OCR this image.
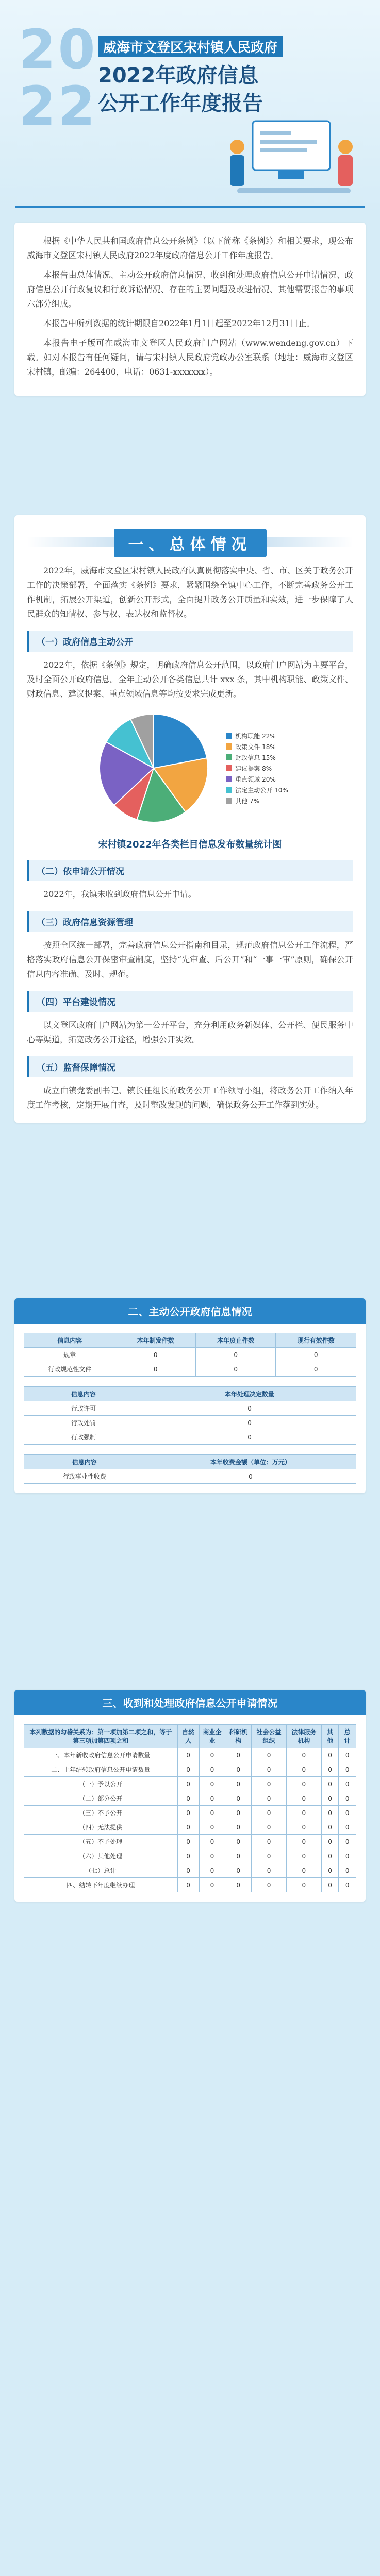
20
22
威海市文登区宋村镇人民政府
2022年政府信息
公开工作年度报告

根据《中华人民共和国政府信息公开条例》（以下简称《条例》）和相关要求，现公布威海市文登区宋村镇人民政府2022年度政府信息公开工作年度报告。

本报告由总体情况、主动公开政府信息情况、收到和处理政府信息公开申请情况、政府信息公开行政复议和行政诉讼情况、存在的主要问题及改进情况、其他需要报告的事项六部分组成。

本报告中所列数据的统计期限自2022年1月1日起至2022年12月31日止。

本报告电子版可在威海市文登区人民政府门户网站（www.wendeng.gov.cn）下载。如对本报告有任何疑问，请与宋村镇人民政府党政办公室联系（地址：威海市文登区宋村镇，邮编：264400，电话：0631-xxxxxxx）。

一、总体情况

2022年，威海市文登区宋村镇人民政府认真贯彻落实中央、省、市、区关于政务公开工作的决策部署，全面落实《条例》要求，紧紧围绕全镇中心工作，不断完善政务公开工作机制，拓展公开渠道，创新公开形式，全面提升政务公开质量和实效，进一步保障了人民群众的知情权、参与权、表达权和监督权。

（一）政府信息主动公开

2022年，依据《条例》规定，明确政府信息公开范围，以政府门户网站为主要平台，及时全面公开政府信息。全年主动公开各类信息共计 xxx 条，其中机构职能、政策文件、财政信息、建议提案、重点领域信息等均按要求完成更新。

机构职能 22%
政策文件 18%
财政信息 15%
建议提案 8%
重点领域 20%
法定主动公开 10%
其他 7%
宋村镇2022年各类栏目信息发布数量统计图
（二）依申请公开情况

2022年，我镇未收到政府信息公开申请。

（三）政府信息资源管理

按照全区统一部署，完善政府信息公开指南和目录，规范政府信息公开工作流程，严格落实政府信息公开保密审查制度，坚持“先审查、后公开”和“一事一审”原则，确保公开信息内容准确、及时、规范。

（四）平台建设情况

以文登区政府门户网站为第一公开平台，充分利用政务新媒体、公开栏、便民服务中心等渠道，拓宽政务公开途径，增强公开实效。

（五）监督保障情况

成立由镇党委副书记、镇长任组长的政务公开工作领导小组，将政务公开工作纳入年度工作考核，定期开展自查，及时整改发现的问题，确保政务公开工作落到实处。

二、主动公开政府信息情况
信息内容	本年制发件数	本年废止件数	现行有效件数
规章	0	0	0
行政规范性文件	0	0	0

信息内容	本年处理决定数量
行政许可	0
行政处罚	0
行政强制	0

信息内容	本年收费金额（单位：万元）
行政事业性收费	0
三、收到和处理政府信息公开申请情况
本列数据的勾稽关系为：第一项加第二项之和，等于第三项加第四项之和	自然人	商业企业	科研机构	社会公益组织	法律服务机构	其他	总计
一、本年新收政府信息公开申请数量	0	0	0	0	0	0	0
二、上年结转政府信息公开申请数量	0	0	0	0	0	0	0
（一）予以公开	0	0	0	0	0	0	0
（二）部分公开	0	0	0	0	0	0	0
（三）不予公开	0	0	0	0	0	0	0
（四）无法提供	0	0	0	0	0	0	0
（五）不予处理	0	0	0	0	0	0	0
（六）其他处理	0	0	0	0	0	0	0
（七）总计	0	0	0	0	0	0	0
四、结转下年度继续办理	0	0	0	0	0	0	0
